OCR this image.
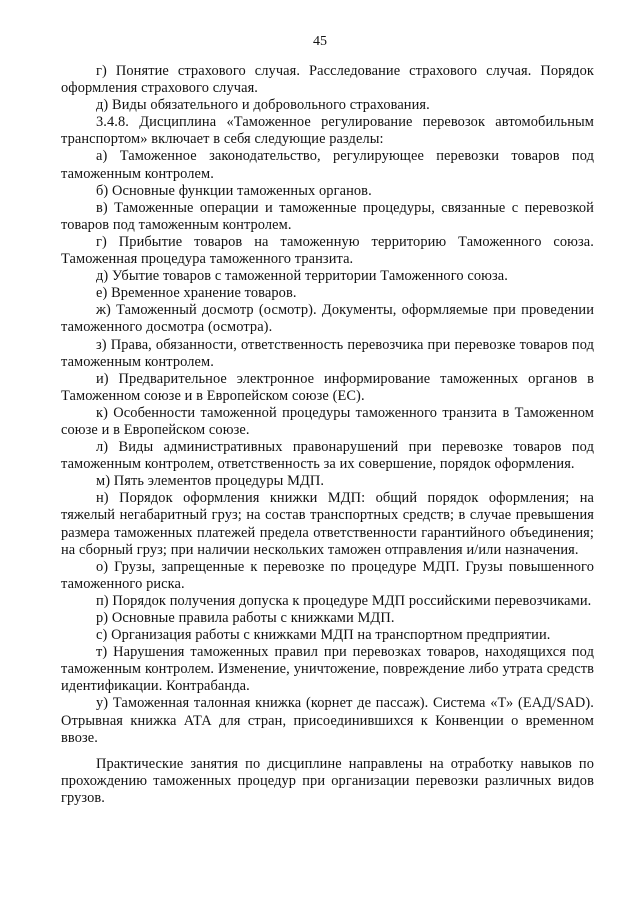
45

г) Понятие страхового случая. Расследование страхового случая. Порядок оформления страхового случая.

д) Виды обязательного и добровольного страхования.

3.4.8. Дисциплина «Таможенное регулирование перевозок автомобильным транспортом» включает в себя следующие разделы:

а) Таможенное законодательство, регулирующее перевозки товаров под таможенным контролем.

б) Основные функции таможенных органов.

в) Таможенные операции и таможенные процедуры, связанные с перевозкой товаров под таможенным контролем.

г) Прибытие товаров на таможенную территорию Таможенного союза. Таможенная процедура таможенного транзита.

д) Убытие товаров с таможенной территории Таможенного союза.

е) Временное хранение товаров.

ж) Таможенный досмотр (осмотр). Документы, оформляемые при проведении таможенного досмотра (осмотра).

з) Права, обязанности, ответственность перевозчика при перевозке товаров под таможенным контролем.

и) Предварительное электронное информирование таможенных органов в Таможенном союзе и в Европейском союзе (ЕС).

к) Особенности таможенной процедуры таможенного транзита в Таможенном союзе и в Европейском союзе.

л) Виды административных правонарушений при перевозке товаров под таможенным контролем, ответственность за их совершение, порядок оформления.

м) Пять элементов процедуры МДП.

н) Порядок оформления книжки МДП: общий порядок оформления; на тяжелый негабаритный груз; на состав транспортных средств; в случае превышения размера таможенных платежей предела ответственности гарантийного объединения; на сборный груз; при наличии нескольких таможен отправления и/или назначения.

о) Грузы, запрещенные к перевозке по процедуре МДП. Грузы повышенного таможенного риска.

п) Порядок получения допуска к процедуре МДП российскими перевозчиками.

р) Основные правила работы с книжками МДП.

с) Организация работы с книжками МДП на транспортном предприятии.

т) Нарушения таможенных правил при перевозках товаров, находящихся под таможенным контролем. Изменение, уничтожение, повреждение либо утрата средств идентификации. Контрабанда.

у) Таможенная талонная книжка (корнет де пассаж). Система «Т» (ЕАД/SAD). Отрывная книжка АТА для стран, присоединившихся к Конвенции о временном ввозе.

Практические занятия по дисциплине направлены на отработку навыков по прохождению таможенных процедур при организации перевозки различных видов грузов.
